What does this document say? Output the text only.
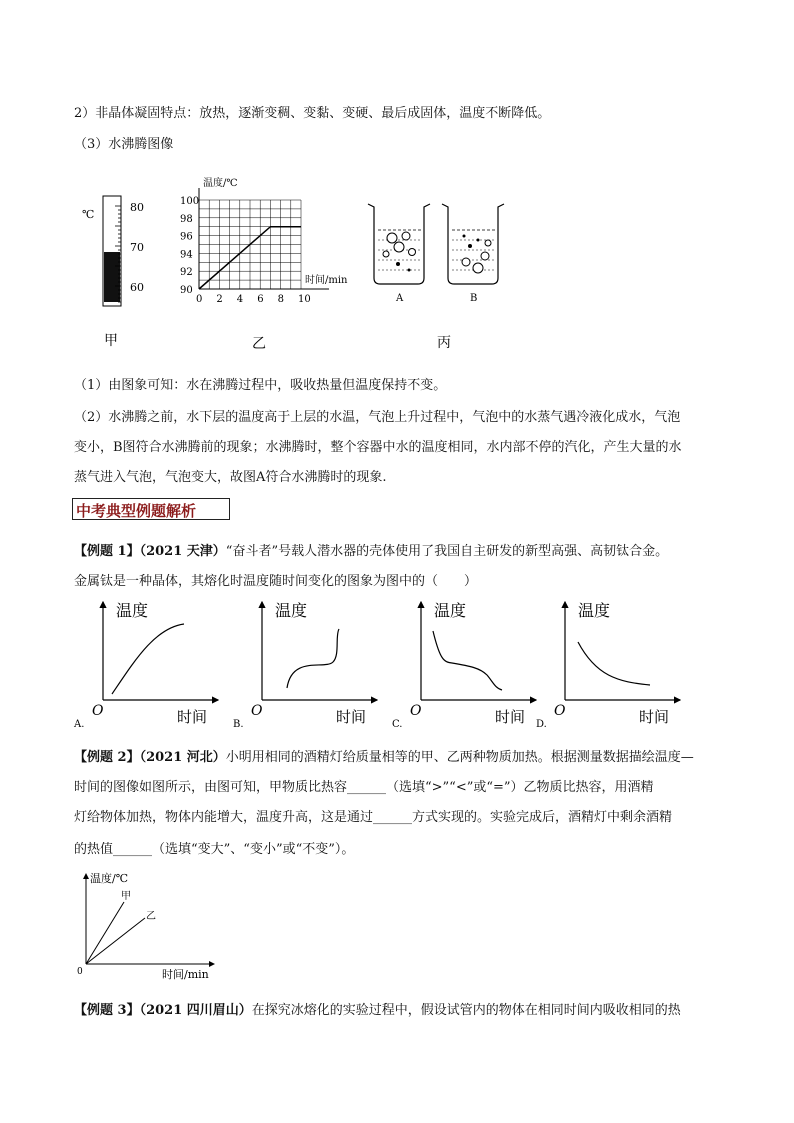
2）非晶体凝固特点：放热，逐渐变稠、变黏、变硬、最后成固体，温度不断降低。
（3）水沸腾图像
℃
80
70
60
甲
温度/℃
时间/min
0 2 4 6 8 10
90
92
94
96
98
100
乙
A	B
丙
（1）由图象可知：水在沸腾过程中，吸收热量但温度保持不变。
（2）水沸腾之前，水下层的温度高于上层的水温，气泡上升过程中，气泡中的水蒸气遇冷液化成水，气泡
变小，B图符合水沸腾前的现象；水沸腾时，整个容器中水的温度相同，水内部不停的汽化，产生大量的水
蒸气进入气泡，气泡变大，故图A符合水沸腾时的现象.
中考典型例题解析
【例题 1】（2021 天津）“奋斗者”号载人潜水器的壳体使用了我国自主研发的新型高强、高韧钛合金。
金属钛是一种晶体，其熔化时温度随时间变化的图象为图中的（　　）
温度
时间
O
A.
温度
时间
O
B.
温度
时间
O
C.
温度
时间
O
D.
【例题 2】（2021 河北）小明用相同的酒精灯给质量相等的甲、乙两种物质加热。根据测量数据描绘温度—
时间的图像如图所示，由图可知，甲物质比热容______（选填“>”“<”或“=”）乙物质比热容，用酒精
灯给物体加热，物体内能增大，温度升高，这是通过______方式实现的。实验完成后，酒精灯中剩余酒精
的热值______（选填“变大”、“变小”或“不变”）。
温度/℃
甲
乙
0	时间/min
【例题 3】（2021 四川眉山）在探究冰熔化的实验过程中，假设试管内的物体在相同时间内吸收相同的热
